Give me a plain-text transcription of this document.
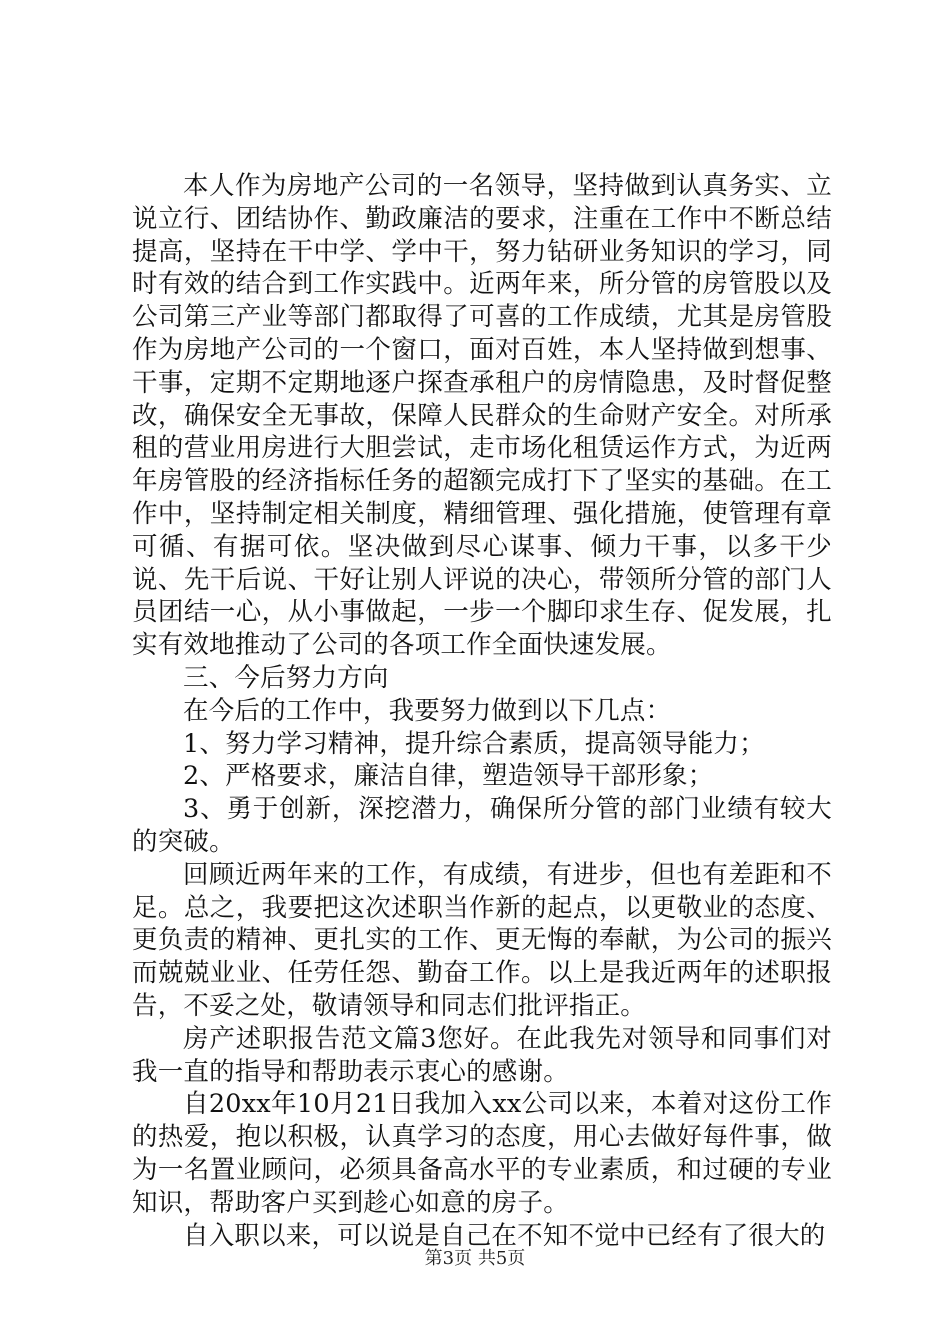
本人作为房地产公司的一名领导，坚持做到认真务实、立说立行、团结协作、勤政廉洁的要求，注重在工作中不断总结提高，坚持在干中学、学中干，努力钻研业务知识的学习，同时有效的结合到工作实践中。近两年来，所分管的房管股以及公司第三产业等部门都取得了可喜的工作成绩，尤其是房管股作为房地产公司的一个窗口，面对百姓，本人坚持做到想事、干事，定期不定期地逐户探查承租户的房情隐患，及时督促整改，确保安全无事故，保障人民群众的生命财产安全。对所承租的营业用房进行大胆尝试，走市场化租赁运作方式，为近两年房管股的经济指标任务的超额完成打下了坚实的基础。在工作中，坚持制定相关制度，精细管理、强化措施，使管理有章可循、有据可依。坚决做到尽心谋事、倾力干事，以多干少说、先干后说、干好让别人评说的决心，带领所分管的部门人员团结一心，从小事做起，一步一个脚印求生存、促发展，扎实有效地推动了公司的各项工作全面快速发展。

三、今后努力方向

在今后的工作中，我要努力做到以下几点：

1、努力学习精神，提升综合素质，提高领导能力；

2、严格要求，廉洁自律，塑造领导干部形象；

3、勇于创新，深挖潜力，确保所分管的部门业绩有较大的突破。

回顾近两年来的工作，有成绩，有进步，但也有差距和不足。总之，我要把这次述职当作新的起点，以更敬业的态度、更负责的精神、更扎实的工作、更无悔的奉献，为公司的振兴而兢兢业业、任劳任怨、勤奋工作。以上是我近两年的述职报告，不妥之处，敬请领导和同志们批评指正。

房产述职报告范文篇3您好。在此我先对领导和同事们对我一直的指导和帮助表示衷心的感谢。

自20xx年10月21日我加入xx公司以来，本着对这份工作的热爱，抱以积极，认真学习的态度，用心去做好每件事，做为一名置业顾问，必须具备高水平的专业素质，和过硬的专业知识，帮助客户买到趁心如意的房子。

自入职以来，可以说是自己在不知不觉中已经有了很大的

第3页 共5页
